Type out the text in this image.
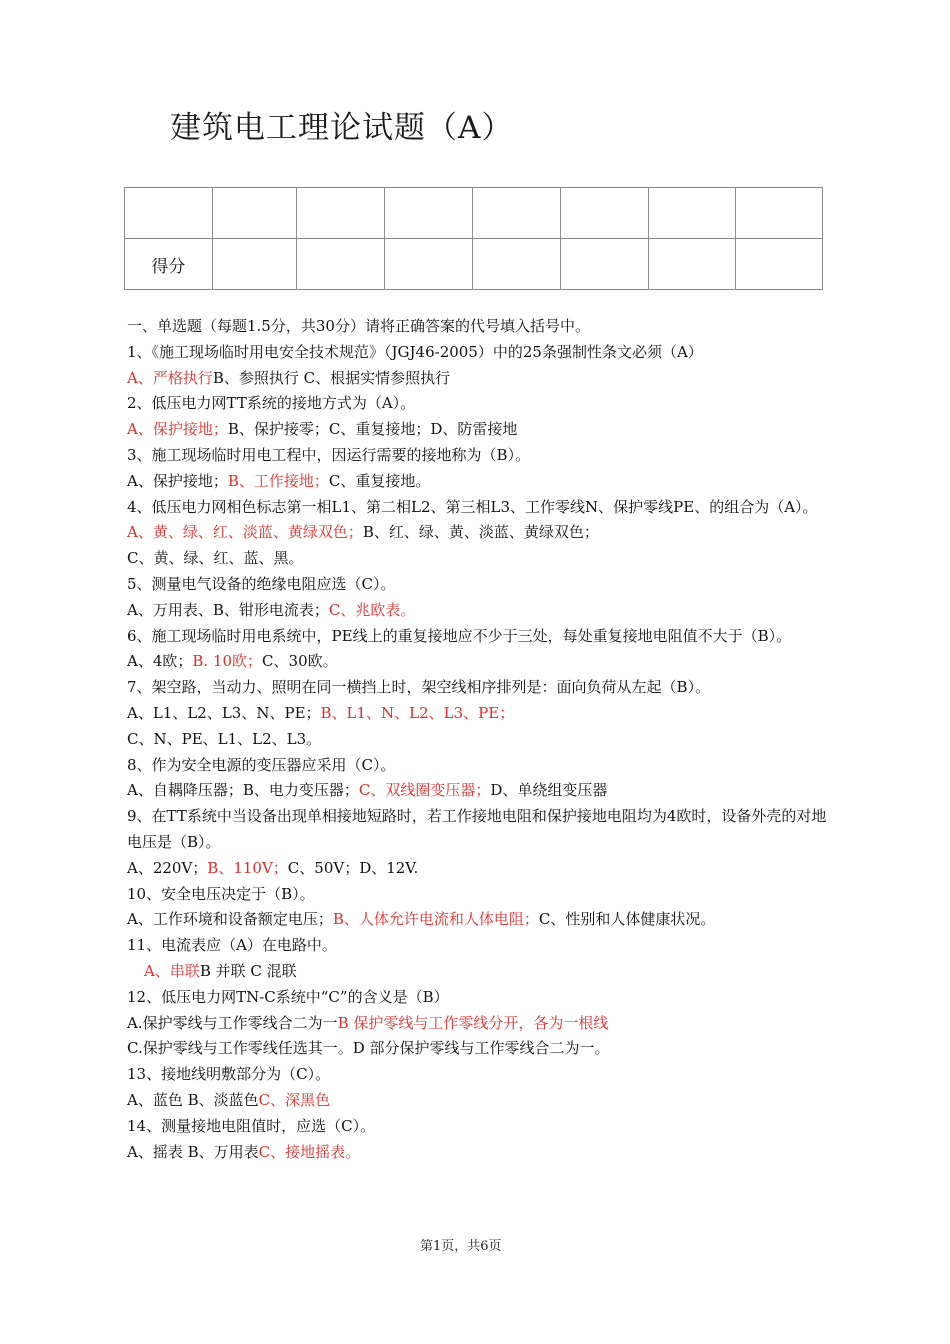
建筑电工理论试题（A）

得分							

一、单选题（每题1.5分，共30分）请将正确答案的代号填入括号中。

1、《施工现场临时用电安全技术规范》（JGJ46-2005）中的25条强制性条文必须（A）

A、严格执行B、参照执行 C、根据实情参照执行

2、低压电力网TT系统的接地方式为（A）。

A、保护接地；B、保护接零；C、重复接地；D、防雷接地

3、施工现场临时用电工程中，因运行需要的接地称为（B）。

A、保护接地；B、工作接地；C、重复接地。

4、低压电力网相色标志第一相L1、第二相L2、第三相L3、工作零线N、保护零线PE、的组合为（A）。

A、黄、绿、红、淡蓝、黄绿双色；B、红、绿、黄、淡蓝、黄绿双色；

C、黄、绿、红、蓝、黑。

5、测量电气设备的绝缘电阻应选（C）。

A、万用表、B、钳形电流表；C、兆欧表。

6、施工现场临时用电系统中，PE线上的重复接地应不少于三处，每处重复接地电阻值不大于（B）。

A、4欧；B. 10欧；C、30欧。

7、架空路，当动力、照明在同一横挡上时，架空线相序排列是：面向负荷从左起（B）。

A、L1、L2、L3、N、PE；B、L1、N、L2、L3、PE；

C、N、PE、L1、L2、L3。

8、作为安全电源的变压器应采用（C）。

A、自耦降压器；B、电力变压器；C、双线圈变压器；D、单绕组变压器

9、在TT系统中当设备出现单相接地短路时，若工作接地电阻和保护接地电阻均为4欧时，设备外壳的对地电压是（B）。

A、220V；B、110V；C、50V；D、12V.

10、安全电压决定于（B）。

A、工作环境和设备额定电压；B、人体允许电流和人体电阻；C、性别和人体健康状况。

11、电流表应（A）在电路中。

A、串联B 并联 C 混联

12、低压电力网TN-C系统中“C”的含义是（B）

A.保护零线与工作零线合二为一B 保护零线与工作零线分开，各为一根线

C.保护零线与工作零线任选其一。D 部分保护零线与工作零线合二为一。

13、接地线明敷部分为（C）。

A、蓝色 B、淡蓝色C、深黑色

14、测量接地电阻值时，应选（C）。

A、摇表 B、万用表C、接地摇表。

第1页，共6页
